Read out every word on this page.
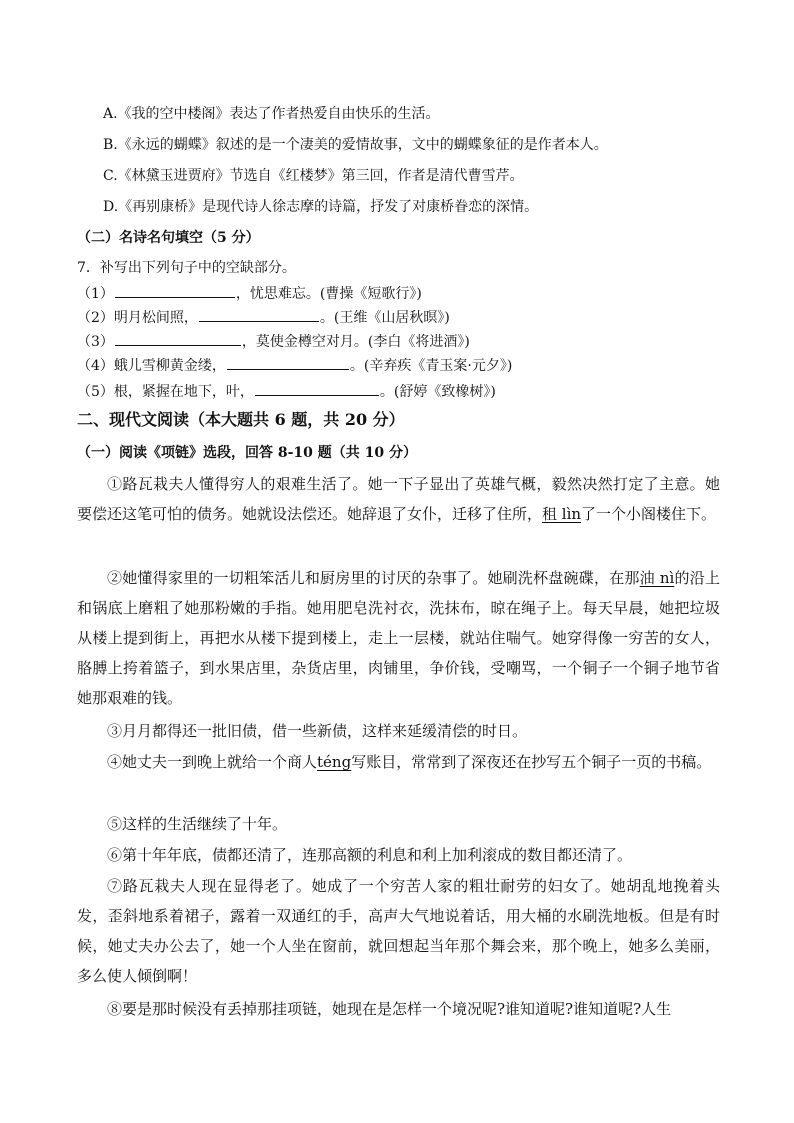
A.《我的空中楼阁》表达了作者热爱自由快乐的生活。
B.《永远的蝴蝶》叙述的是一个凄美的爱情故事，文中的蝴蝶象征的是作者本人。
C.《林黛玉进贾府》节选自《红楼梦》第三回，作者是清代曹雪芹。
D.《再别康桥》是现代诗人徐志摩的诗篇，抒发了对康桥眷恋的深情。
（二）名诗名句填空（5 分）
7．补写出下列句子中的空缺部分。
（1）	，忧思难忘。(曹操《短歌行》)
（2）明月松间照，	。(王维《山居秋暝》)
（3）	，莫使金樽空对月。(李白《将进酒》)
（4）蛾儿雪柳黄金缕，	。(辛弃疾《青玉案·元夕》)
（5）根，紧握在地下，叶，	。(舒婷《致橡树》)
二、现代文阅读（本大题共 6 题，共 20 分）
（一）阅读《项链》选段，回答 8-10 题（共 10 分）
①路瓦栽夫人懂得穷人的艰难生活了。她一下子显出了英雄气概，毅然决然打定了主意。她要偿还这笔可怕的债务。她就设法偿还。她辞退了女仆，迁移了住所，租 lìn了一个小阁楼住下。
②她懂得家里的一切粗笨活儿和厨房里的讨厌的杂事了。她刷洗杯盘碗碟，在那油 nì的沿上和锅底上磨粗了她那粉嫩的手指。她用肥皂洗衬衣，洗抹布，晾在绳子上。每天早晨，她把垃圾从楼上提到街上，再把水从楼下提到楼上，走上一层楼，就站住喘气。她穿得像一穷苦的女人，胳膊上挎着篮子，到水果店里，杂货店里，肉铺里，争价钱，受嘲骂，一个铜子一个铜子地节省她那艰难的钱。
③月月都得还一批旧债，借一些新债，这样来延缓清偿的时日。
④她丈夫一到晚上就给一个商人téng写账目，常常到了深夜还在抄写五个铜子一页的书稿。
⑤这样的生活继续了十年。
⑥第十年年底，债都还清了，连那高额的利息和利上加利滚成的数目都还清了。
⑦路瓦栽夫人现在显得老了。她成了一个穷苦人家的粗壮耐劳的妇女了。她胡乱地挽着头发，歪斜地系着裙子，露着一双通红的手，高声大气地说着话，用大桶的水刷洗地板。但是有时候，她丈夫办公去了，她一个人坐在窗前，就回想起当年那个舞会来，那个晚上，她多么美丽，多么使人倾倒啊！
⑧要是那时候没有丢掉那挂项链，她现在是怎样一个境况呢?谁知道呢?谁知道呢?人生
